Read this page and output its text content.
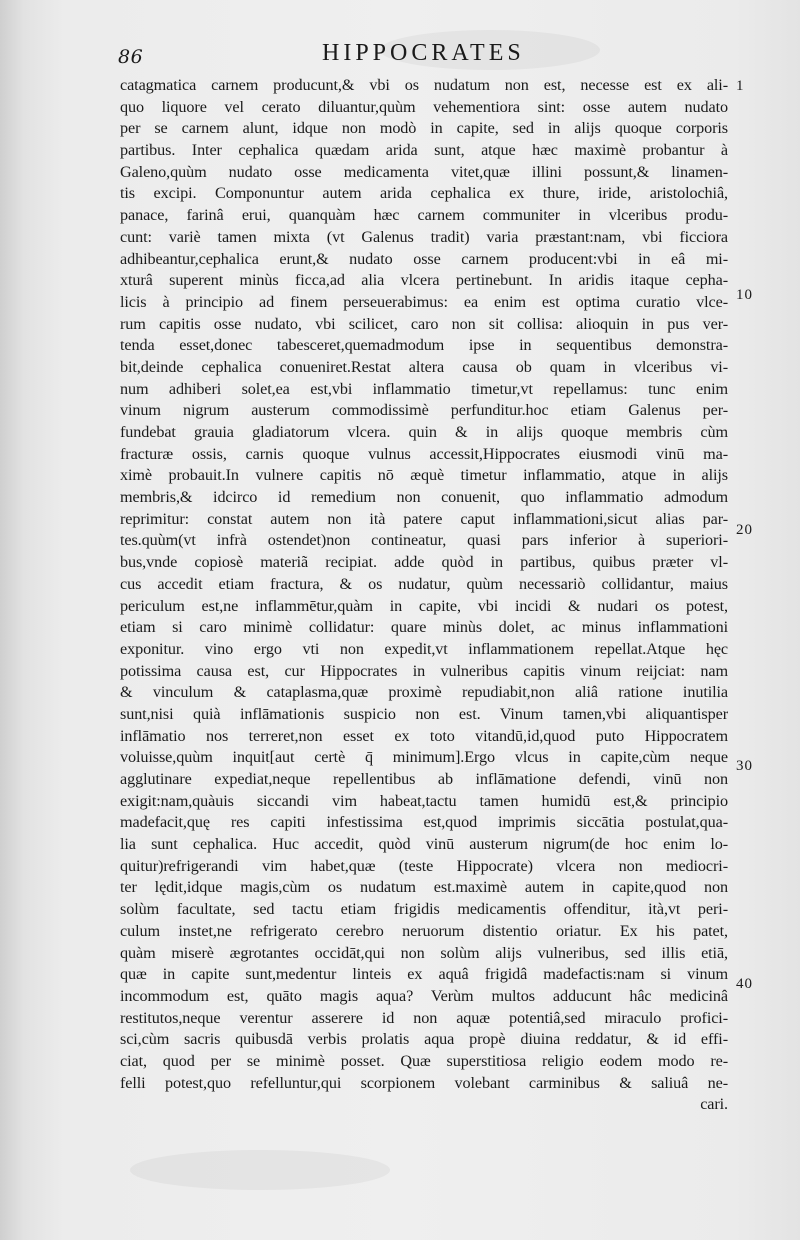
86	HIPPOCRATES
catagmatica carnem producunt,& vbi os nudatum non est, necesse est ex ali-
quo liquore vel cerato diluantur,quùm vehementiora sint: osse autem nudato
per se carnem alunt, idque non modò in capite, sed in alijs quoque corporis
partibus. Inter cephalica quædam arida sunt, atque hæc maximè probantur à
Galeno,quùm nudato osse medicamenta vitet,quæ illini possunt,& linamen-
tis excipi. Componuntur autem arida cephalica ex thure, iride, aristolochiâ,
panace, farinâ erui, quanquàm hæc carnem communiter in vlceribus produ-
cunt: variè tamen mixta (vt Galenus tradit) varia præstant:nam, vbi ficciora
adhibeantur,cephalica erunt,& nudato osse carnem producent:vbi in eâ mi-
xturâ superent minùs ficca,ad alia vlcera pertinebunt. In aridis itaque cepha-
licis à principio ad finem perseuerabimus: ea enim est optima curatio vlce-
rum capitis osse nudato, vbi scilicet, caro non sit collisa: alioquin in pus ver-
tenda esset,donec tabesceret,quemadmodum ipse in sequentibus demonstra-
bit,deinde cephalica conueniret.Restat altera causa ob quam in vlceribus vi-
num adhiberi solet,ea est,vbi inflammatio timetur,vt repellamus: tunc enim
vinum nigrum austerum commodissimè perfunditur.hoc etiam Galenus per-
fundebat grauia gladiatorum vlcera. quin & in alijs quoque membris cùm
fracturæ ossis, carnis quoque vulnus accessit,Hippocrates eiusmodi vinū ma-
ximè probauit.In vulnere capitis nō æquè timetur inflammatio, atque in alijs
membris,& idcirco id remedium non conuenit, quo inflammatio admodum
reprimitur: constat autem non ità patere caput inflammationi,sicut alias par-
tes.quùm(vt infrà ostendet)non contineatur, quasi pars inferior à superiori-
bus,vnde copiosè materiã recipiat. adde quòd in partibus, quibus præter vl-
cus accedit etiam fractura, & os nudatur, quùm necessariò collidantur, maius
periculum est,ne inflammētur,quàm in capite, vbi incidi & nudari os potest,
etiam si caro minimè collidatur: quare minùs dolet, ac minus inflammationi
exponitur. vino ergo vti non expedit,vt inflammationem repellat.Atque hęc
potissima causa est, cur Hippocrates in vulneribus capitis vinum reijciat: nam
& vinculum & cataplasma,quæ proximè repudiabit,non aliâ ratione inutilia
sunt,nisi quià inflāmationis suspicio non est. Vinum tamen,vbi aliquantisper
inflāmatio nos terreret,non esset ex toto vitandū,id,quod puto Hippocratem
voluisse,quùm inquit[aut certè q̄ minimum].Ergo vlcus in capite,cùm neque
agglutinare expediat,neque repellentibus ab inflāmatione defendi, vinū non
exigit:nam,quàuis siccandi vim habeat,tactu tamen humidū est,& principio
madefacit,quę res capiti infestissima est,quod imprimis siccātia postulat,qua-
lia sunt cephalica. Huc accedit, quòd vinū austerum nigrum(de hoc enim lo-
quitur)refrigerandi vim habet,quæ (teste Hippocrate) vlcera non mediocri-
ter lędit,idque magis,cùm os nudatum est.maximè autem in capite,quod non
solùm facultate, sed tactu etiam frigidis medicamentis offenditur, ità,vt peri-
culum instet,ne refrigerato cerebro neruorum distentio oriatur. Ex his patet,
quàm miserè ægrotantes occidāt,qui non solùm alijs vulneribus, sed illis etiā,
quæ in capite sunt,medentur linteis ex aquâ frigidâ madefactis:nam si vinum
incommodum est, quāto magis aqua? Verùm multos adducunt hâc medicinâ
restitutos,neque verentur asserere id non aquæ potentiâ,sed miraculo profici-
sci,cùm sacris quibusdā verbis prolatis aqua propè diuina reddatur, & id effi-
ciat, quod per se minimè posset. Quæ superstitiosa religio eodem modo re-
felli potest,quo refelluntur,qui scorpionem volebant carminibus & saliuâ ne-
cari.
1
10
20
30
40
